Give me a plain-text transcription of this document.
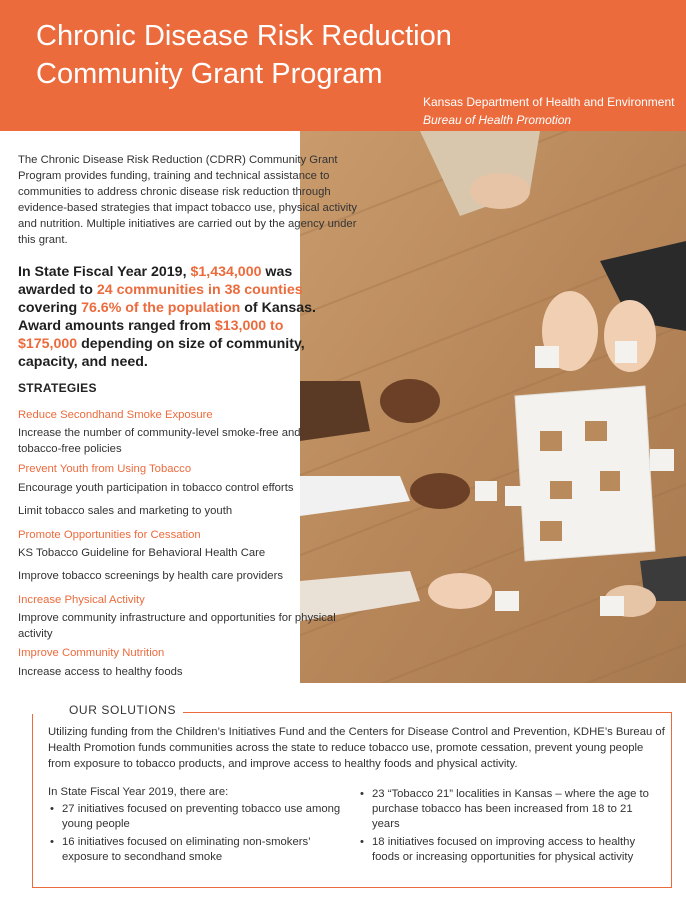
Chronic Disease Risk Reduction
Community Grant Program
Kansas Department of Health and Environment
Bureau of Health Promotion
The Chronic Disease Risk Reduction (CDRR) Community Grant Program provides funding, training and technical assistance to communities to address chronic disease risk reduction through evidence-based strategies that impact tobacco use, physical activity and nutrition. Multiple initiatives are carried out by the agency under this grant.
In State Fiscal Year 2019, $1,434,000 was awarded to 24 communities in 38 counties covering 76.6% of the population of Kansas. Award amounts ranged from $13,000 to $175,000 depending on size of community, capacity, and need.
STRATEGIES
Reduce Secondhand Smoke Exposure
Increase the number of community-level smoke-free and tobacco-free policies
Prevent Youth from Using Tobacco
Encourage youth participation in tobacco control efforts
Limit tobacco sales and marketing to youth
Promote Opportunities for Cessation
KS Tobacco Guideline for Behavioral Health Care
Improve tobacco screenings by health care providers
Increase Physical Activity
Improve community infrastructure and opportunities for physical activity
Improve Community Nutrition
Increase access to healthy foods
OUR SOLUTIONS
Utilizing funding from the Children’s Initiatives Fund and the Centers for Disease Control and Prevention, KDHE’s Bureau of Health Promotion funds communities across the state to reduce tobacco use, promote cessation, prevent young people from exposure to tobacco products, and improve access to healthy foods and physical activity.
In State Fiscal Year 2019, there are:
• 27 initiatives focused on preventing tobacco use among young people
• 16 initiatives focused on eliminating non-smokers’ exposure to secondhand smoke
• 23 “Tobacco 21” localities in Kansas – where the age to purchase tobacco has been increased from 18 to 21 years
• 18 initiatives focused on improving access to healthy foods or increasing opportunities for physical activity
